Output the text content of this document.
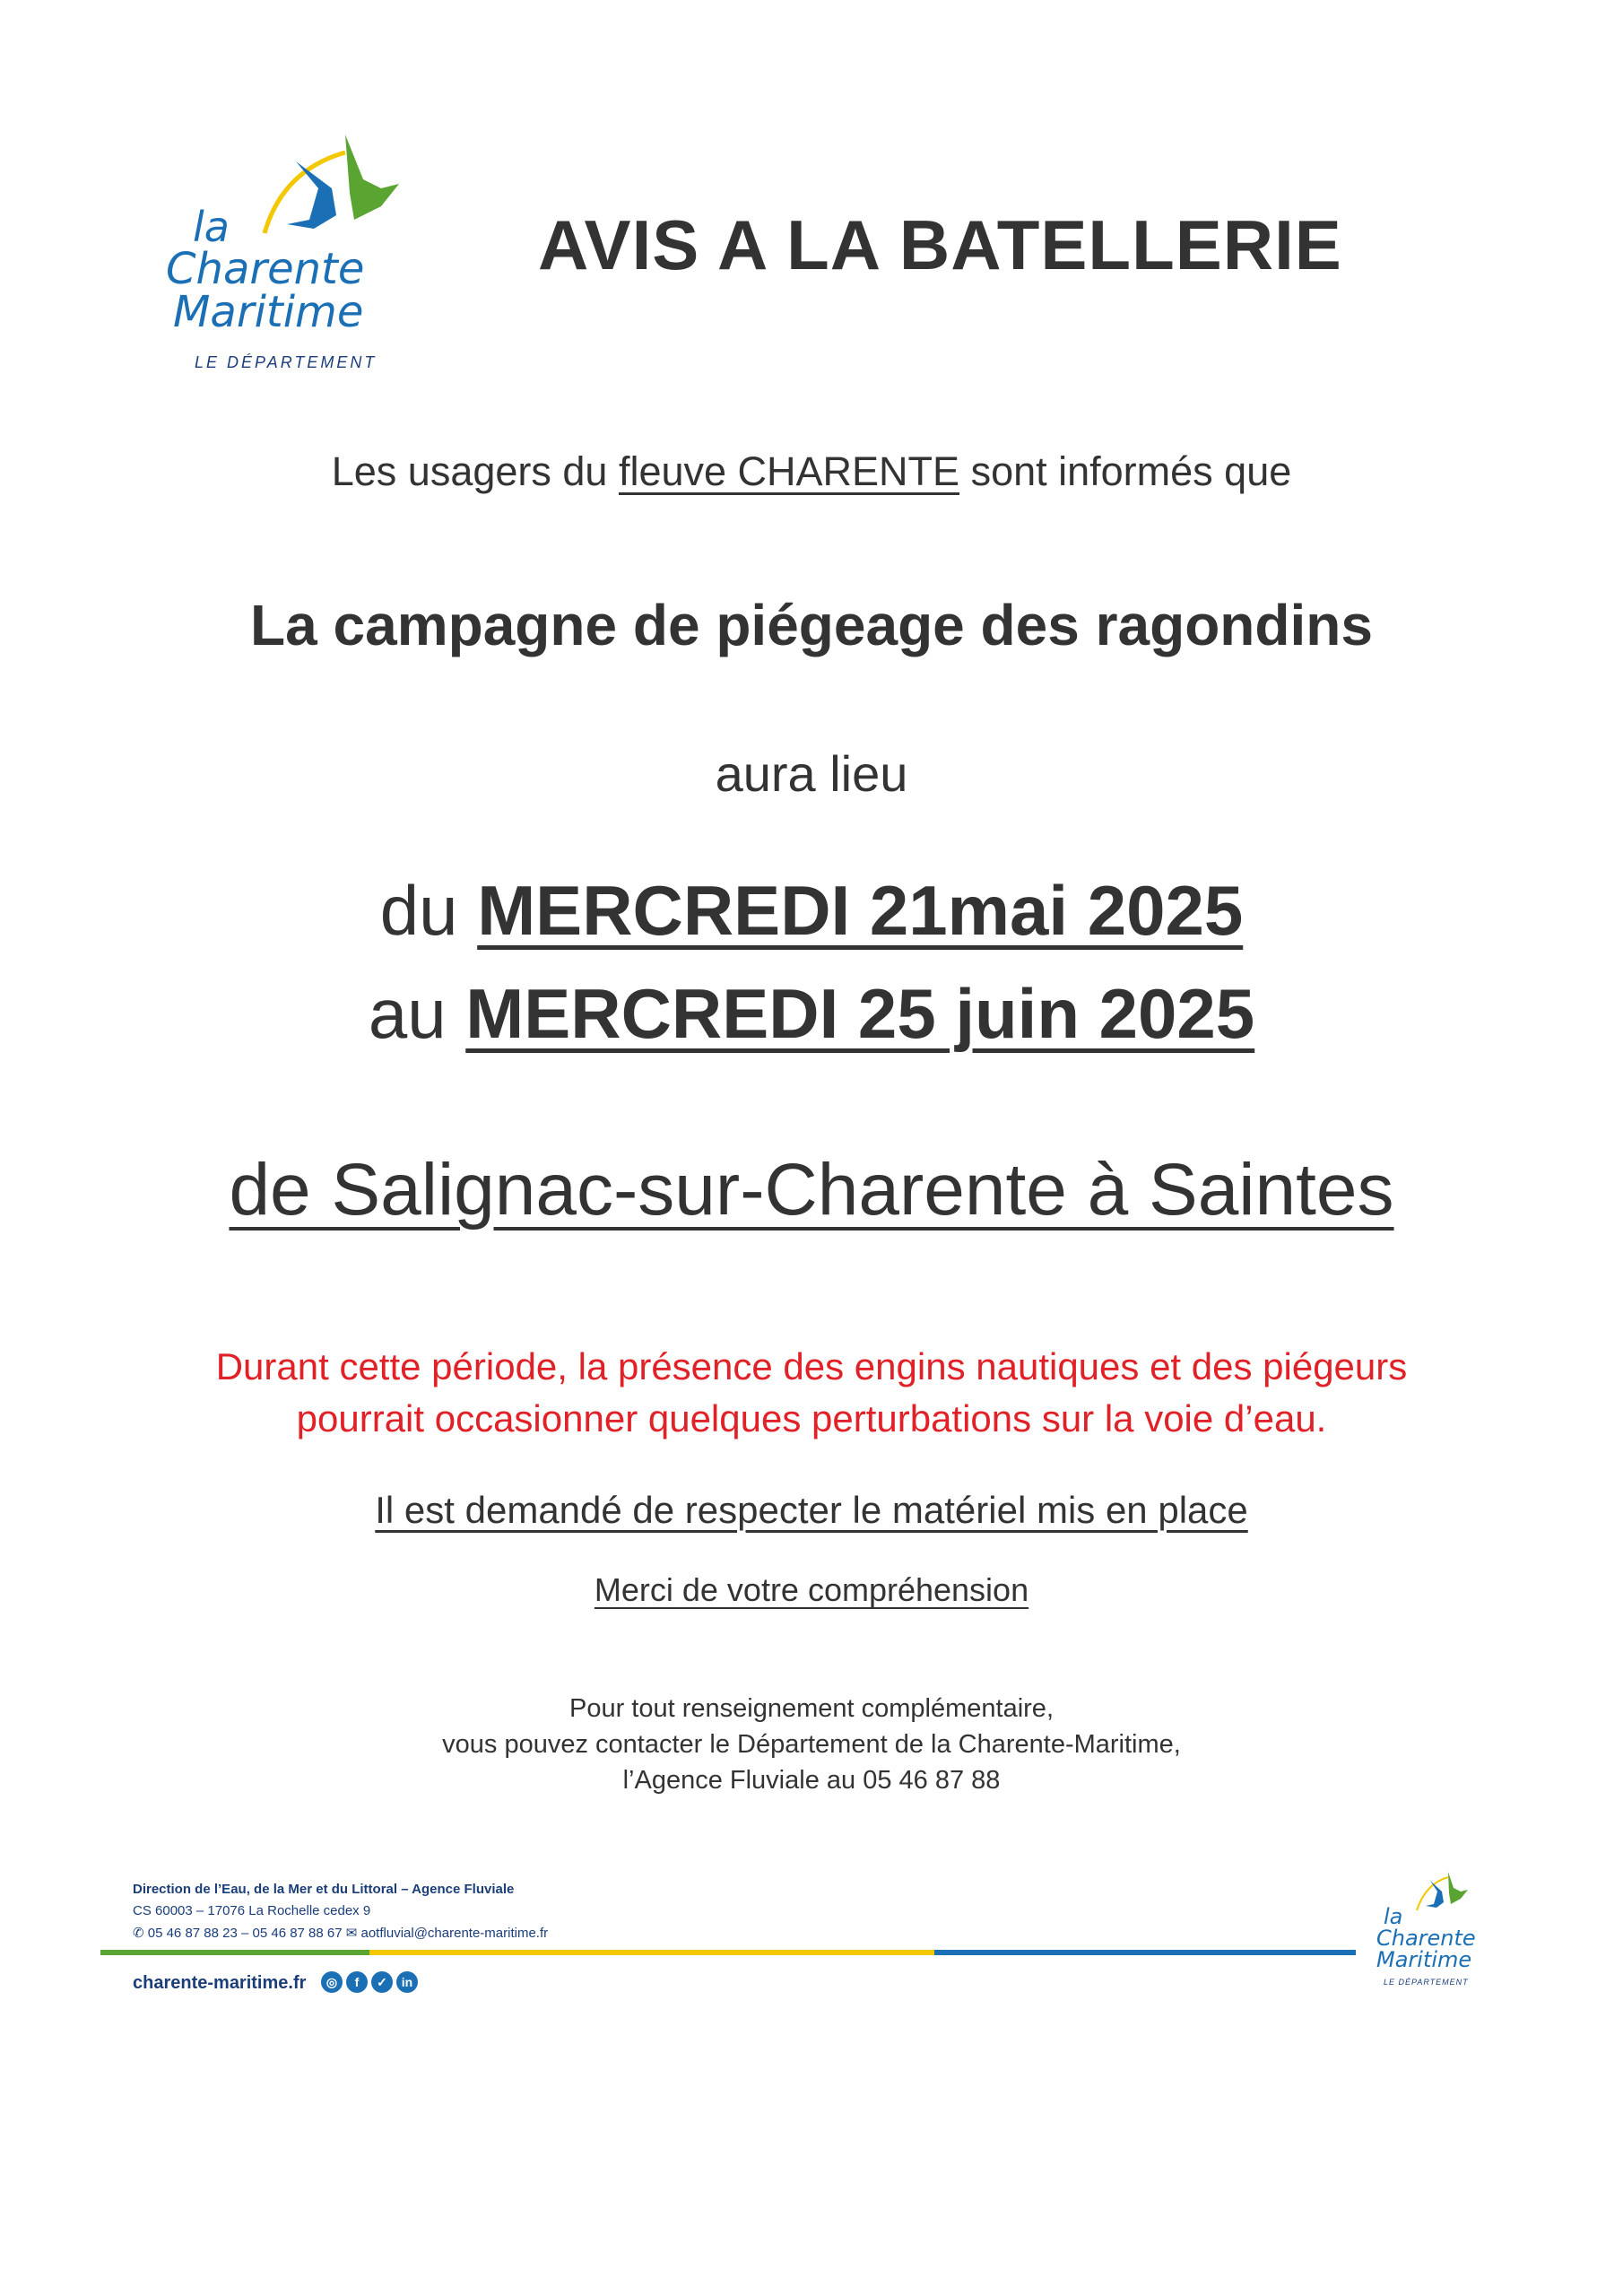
la
Charente
Maritime
LE DÉPARTEMENT
AVIS A LA BATELLERIE
Les usagers du fleuve CHARENTE sont informés que
La campagne de piégeage des ragondins
aura lieu
du MERCREDI 21mai 2025
au MERCREDI 25 juin 2025
de Salignac-sur-Charente à Saintes
Durant cette période, la présence des engins nautiques et des piégeurs
pourrait occasionner quelques perturbations sur la voie d’eau.
Il est demandé de respecter le matériel mis en place
Merci de votre compréhension
Pour tout renseignement complémentaire,
vous pouvez contacter le Département de la Charente-Maritime,
l’Agence Fluviale au 05 46 87 88
Direction de l’Eau, de la Mer et du Littoral – Agence Fluviale
CS 60003 – 17076 La Rochelle cedex 9
✆ 05 46 87 88 23 – 05 46 87 88 67 ✉ aotfluvial@charente-maritime.fr
charente-maritime.fr	◎	f	✓	in
la
Charente
Maritime
LE DÉPARTEMENT
